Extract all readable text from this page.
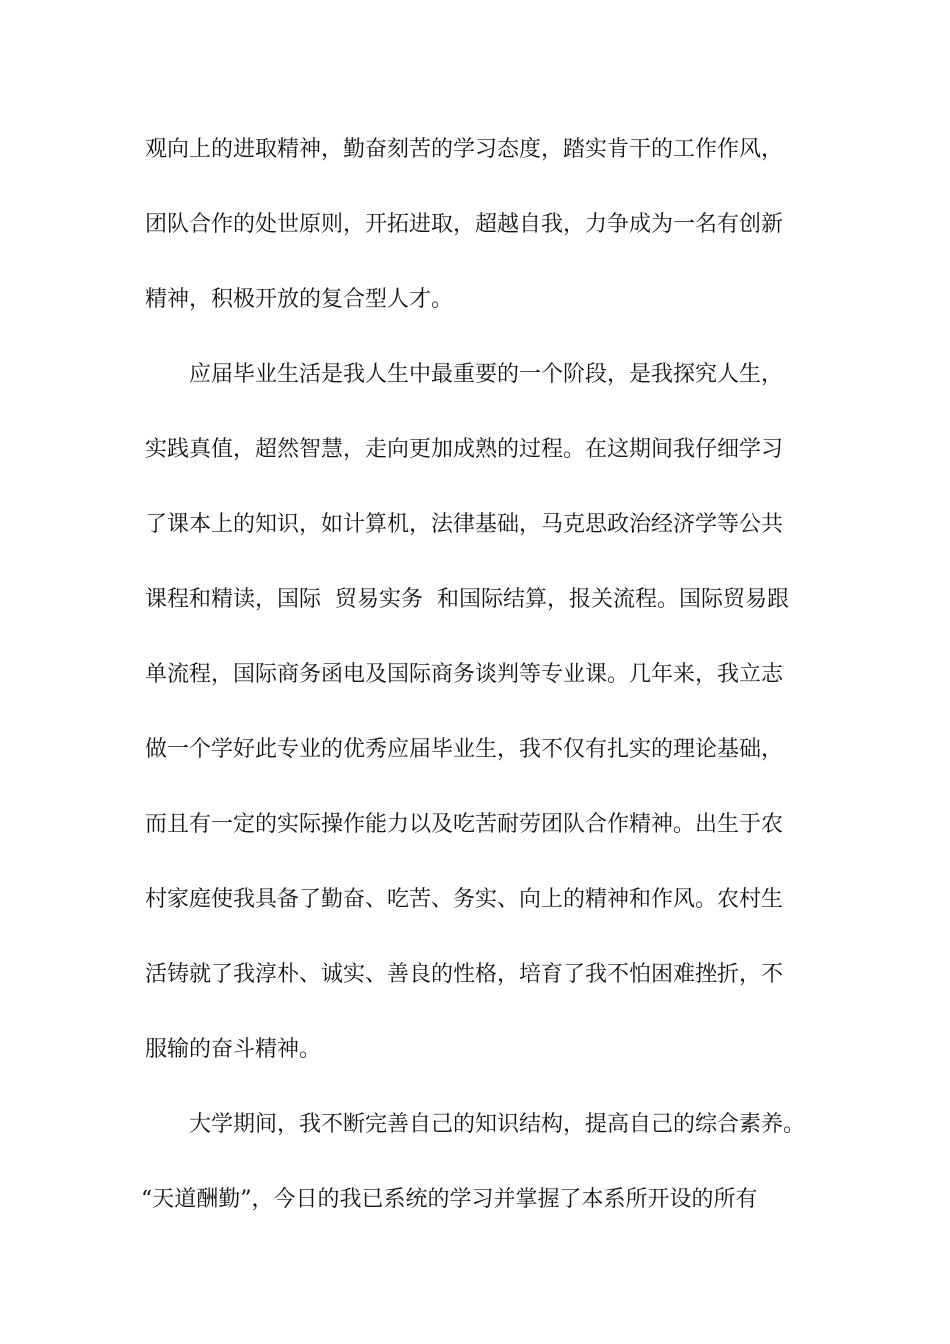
观向上的进取精神，勤奋刻苦的学习态度，踏实肯干的工作作风，
团队合作的处世原则，开拓进取，超越自我，力争成为一名有创新
精神，积极开放的复合型人才。
应届毕业生活是我人生中最重要的一个阶段，是我探究人生，
实践真值，超然智慧，走向更加成熟的过程。在这期间我仔细学习
了课本上的知识，如计算机，法律基础，马克思政治经济学等公共
课程和精读，国际  贸易实务  和国际结算，报关流程。国际贸易跟
单流程，国际商务函电及国际商务谈判等专业课。几年来，我立志
做一个学好此专业的优秀应届毕业生，我不仅有扎实的理论基础，
而且有一定的实际操作能力以及吃苦耐劳团队合作精神。出生于农
村家庭使我具备了勤奋、吃苦、务实、向上的精神和作风。农村生
活铸就了我淳朴、诚实、善良的性格，培育了我不怕困难挫折，不
服输的奋斗精神。
大学期间，我不断完善自己的知识结构，提高自己的综合素养。
“天道酬勤”，今日的我已系统的学习并掌握了本系所开设的所有
